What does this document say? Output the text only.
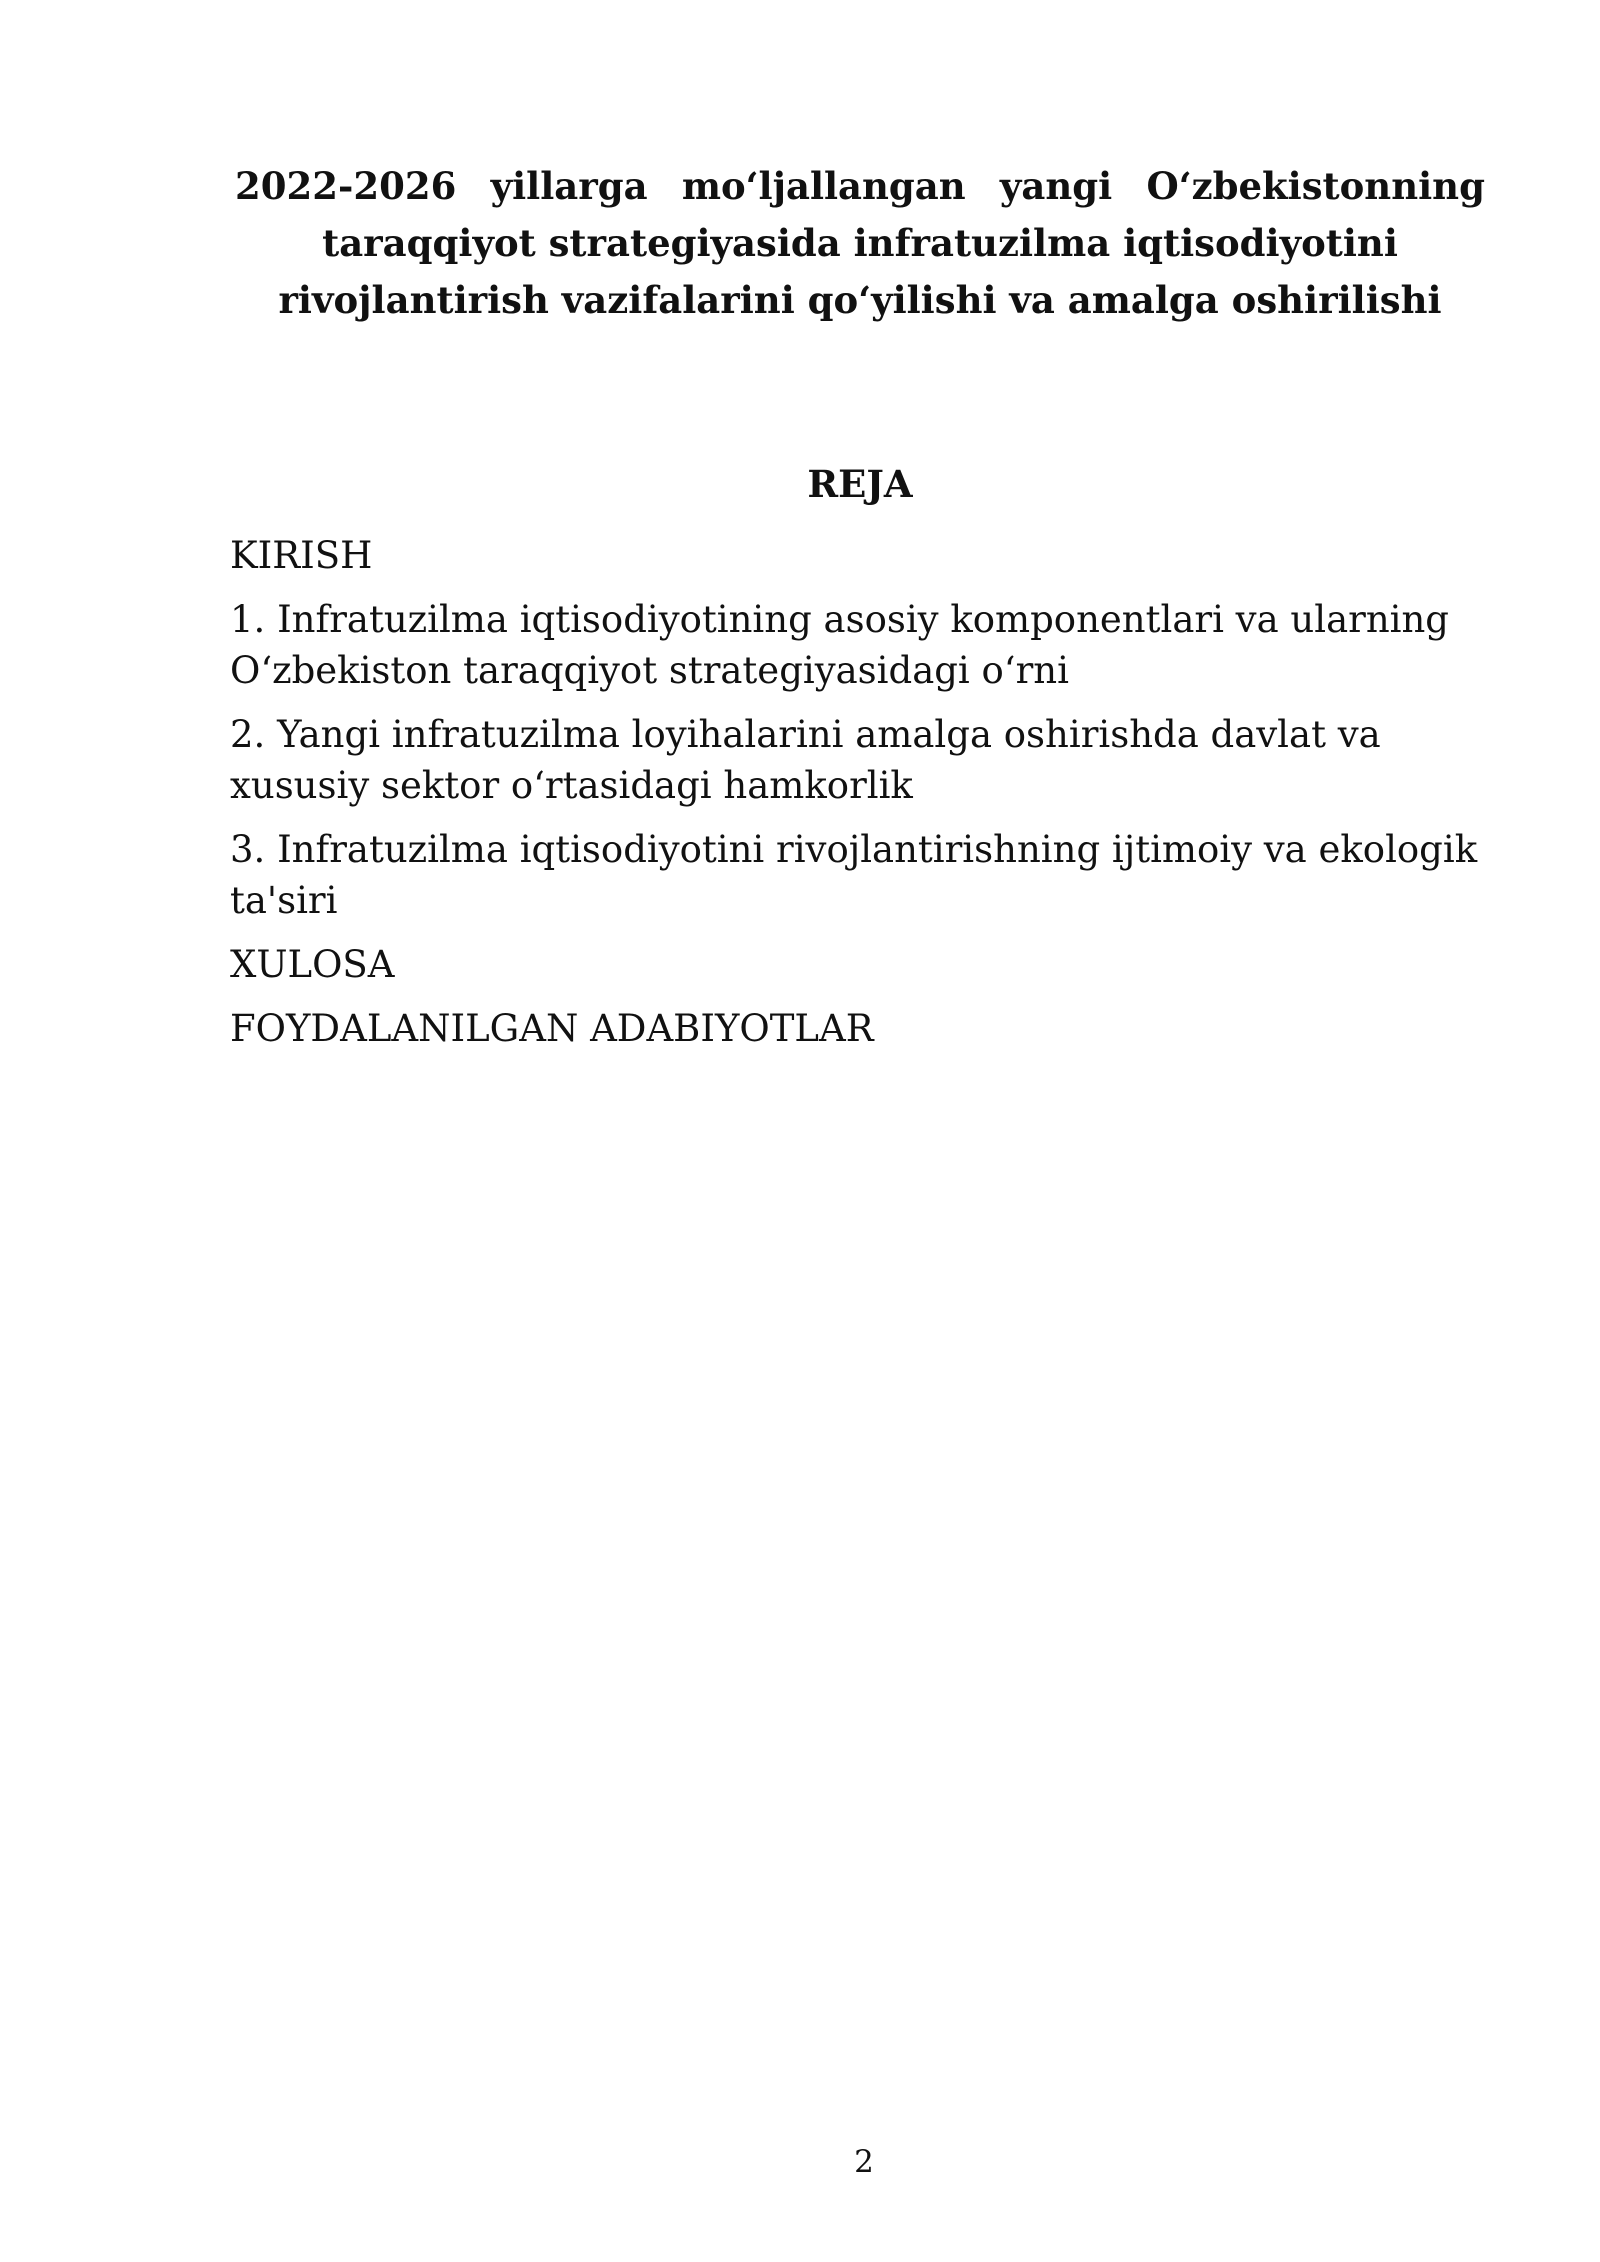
2022-2026 yillarga mo‘ljallangan yangi O‘zbekistonning
taraqqiyot strategiyasida infratuzilma iqtisodiyotini
rivojlantirish vazifalarini qo‘yilishi va amalga oshirilishi
REJA
KIRISH
1. Infratuzilma iqtisodiyotining asosiy komponentlari va ularning O‘zbekiston taraqqiyot strategiyasidagi o‘rni
2. Yangi infratuzilma loyihalarini amalga oshirishda davlat va xususiy sektor o‘rtasidagi hamkorlik
3. Infratuzilma iqtisodiyotini rivojlantirishning ijtimoiy va ekologik ta'siri
XULOSA
FOYDALANILGAN ADABIYOTLAR
2
